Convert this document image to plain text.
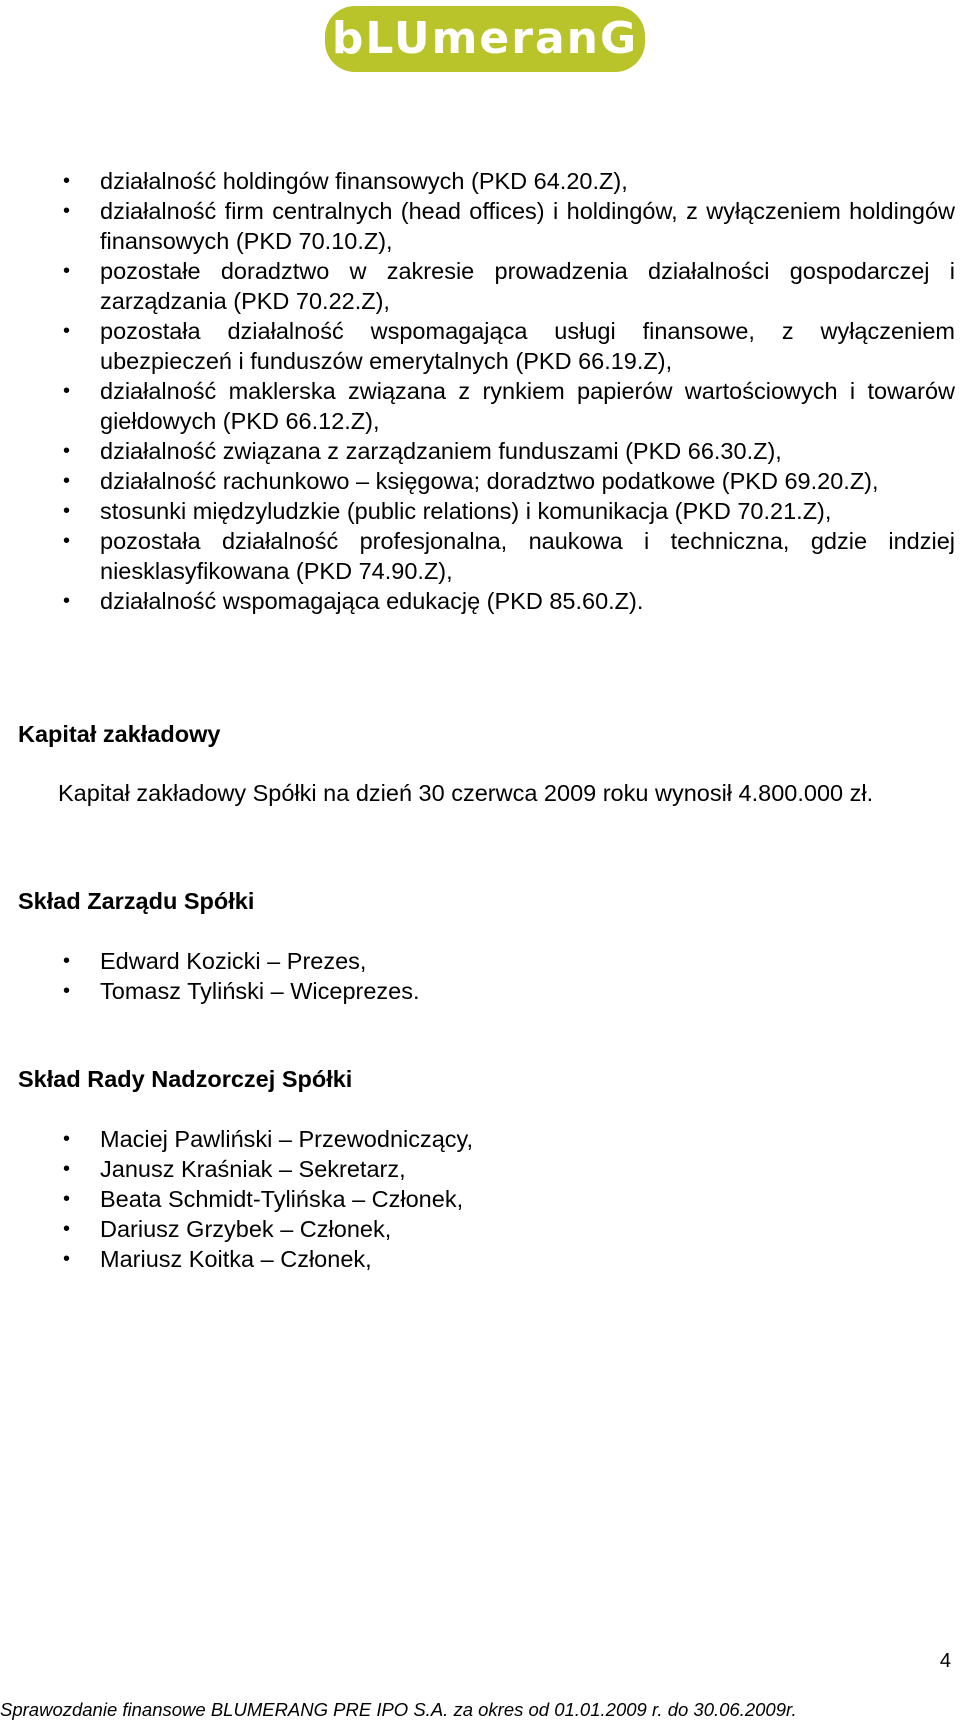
bLUmeranG
• działalność holdingów finansowych (PKD 64.20.Z),
• działalność firm centralnych (head offices) i holdingów, z wyłączeniem holdingów finansowych (PKD 70.10.Z),
• pozostałe doradztwo w zakresie prowadzenia działalności gospodarczej i zarządzania (PKD 70.22.Z),
• pozostała działalność wspomagająca usługi finansowe, z wyłączeniem ubezpieczeń i funduszów emerytalnych (PKD 66.19.Z),
• działalność maklerska związana z rynkiem papierów wartościowych i towarów giełdowych (PKD 66.12.Z),
• działalność związana z zarządzaniem funduszami (PKD 66.30.Z),
• działalność rachunkowo – księgowa; doradztwo podatkowe (PKD 69.20.Z),
• stosunki międzyludzkie (public relations) i komunikacja (PKD 70.21.Z),
• pozostała działalność profesjonalna, naukowa i techniczna, gdzie indziej niesklasyfikowana (PKD 74.90.Z),
• działalność wspomagająca edukację (PKD 85.60.Z).
Kapitał zakładowy
Kapitał zakładowy Spółki na dzień 30 czerwca 2009 roku wynosił 4.800.000 zł.
Skład Zarządu Spółki
• Edward Kozicki – Prezes,
• Tomasz Tyliński – Wiceprezes.
Skład Rady Nadzorczej Spółki
• Maciej Pawliński – Przewodniczący,
• Janusz Kraśniak – Sekretarz,
• Beata Schmidt-Tylińska – Członek,
• Dariusz Grzybek – Członek,
• Mariusz Koitka – Członek,
4
Sprawozdanie finansowe BLUMERANG PRE IPO S.A. za okres od 01.01.2009 r. do 30.06.2009r.
